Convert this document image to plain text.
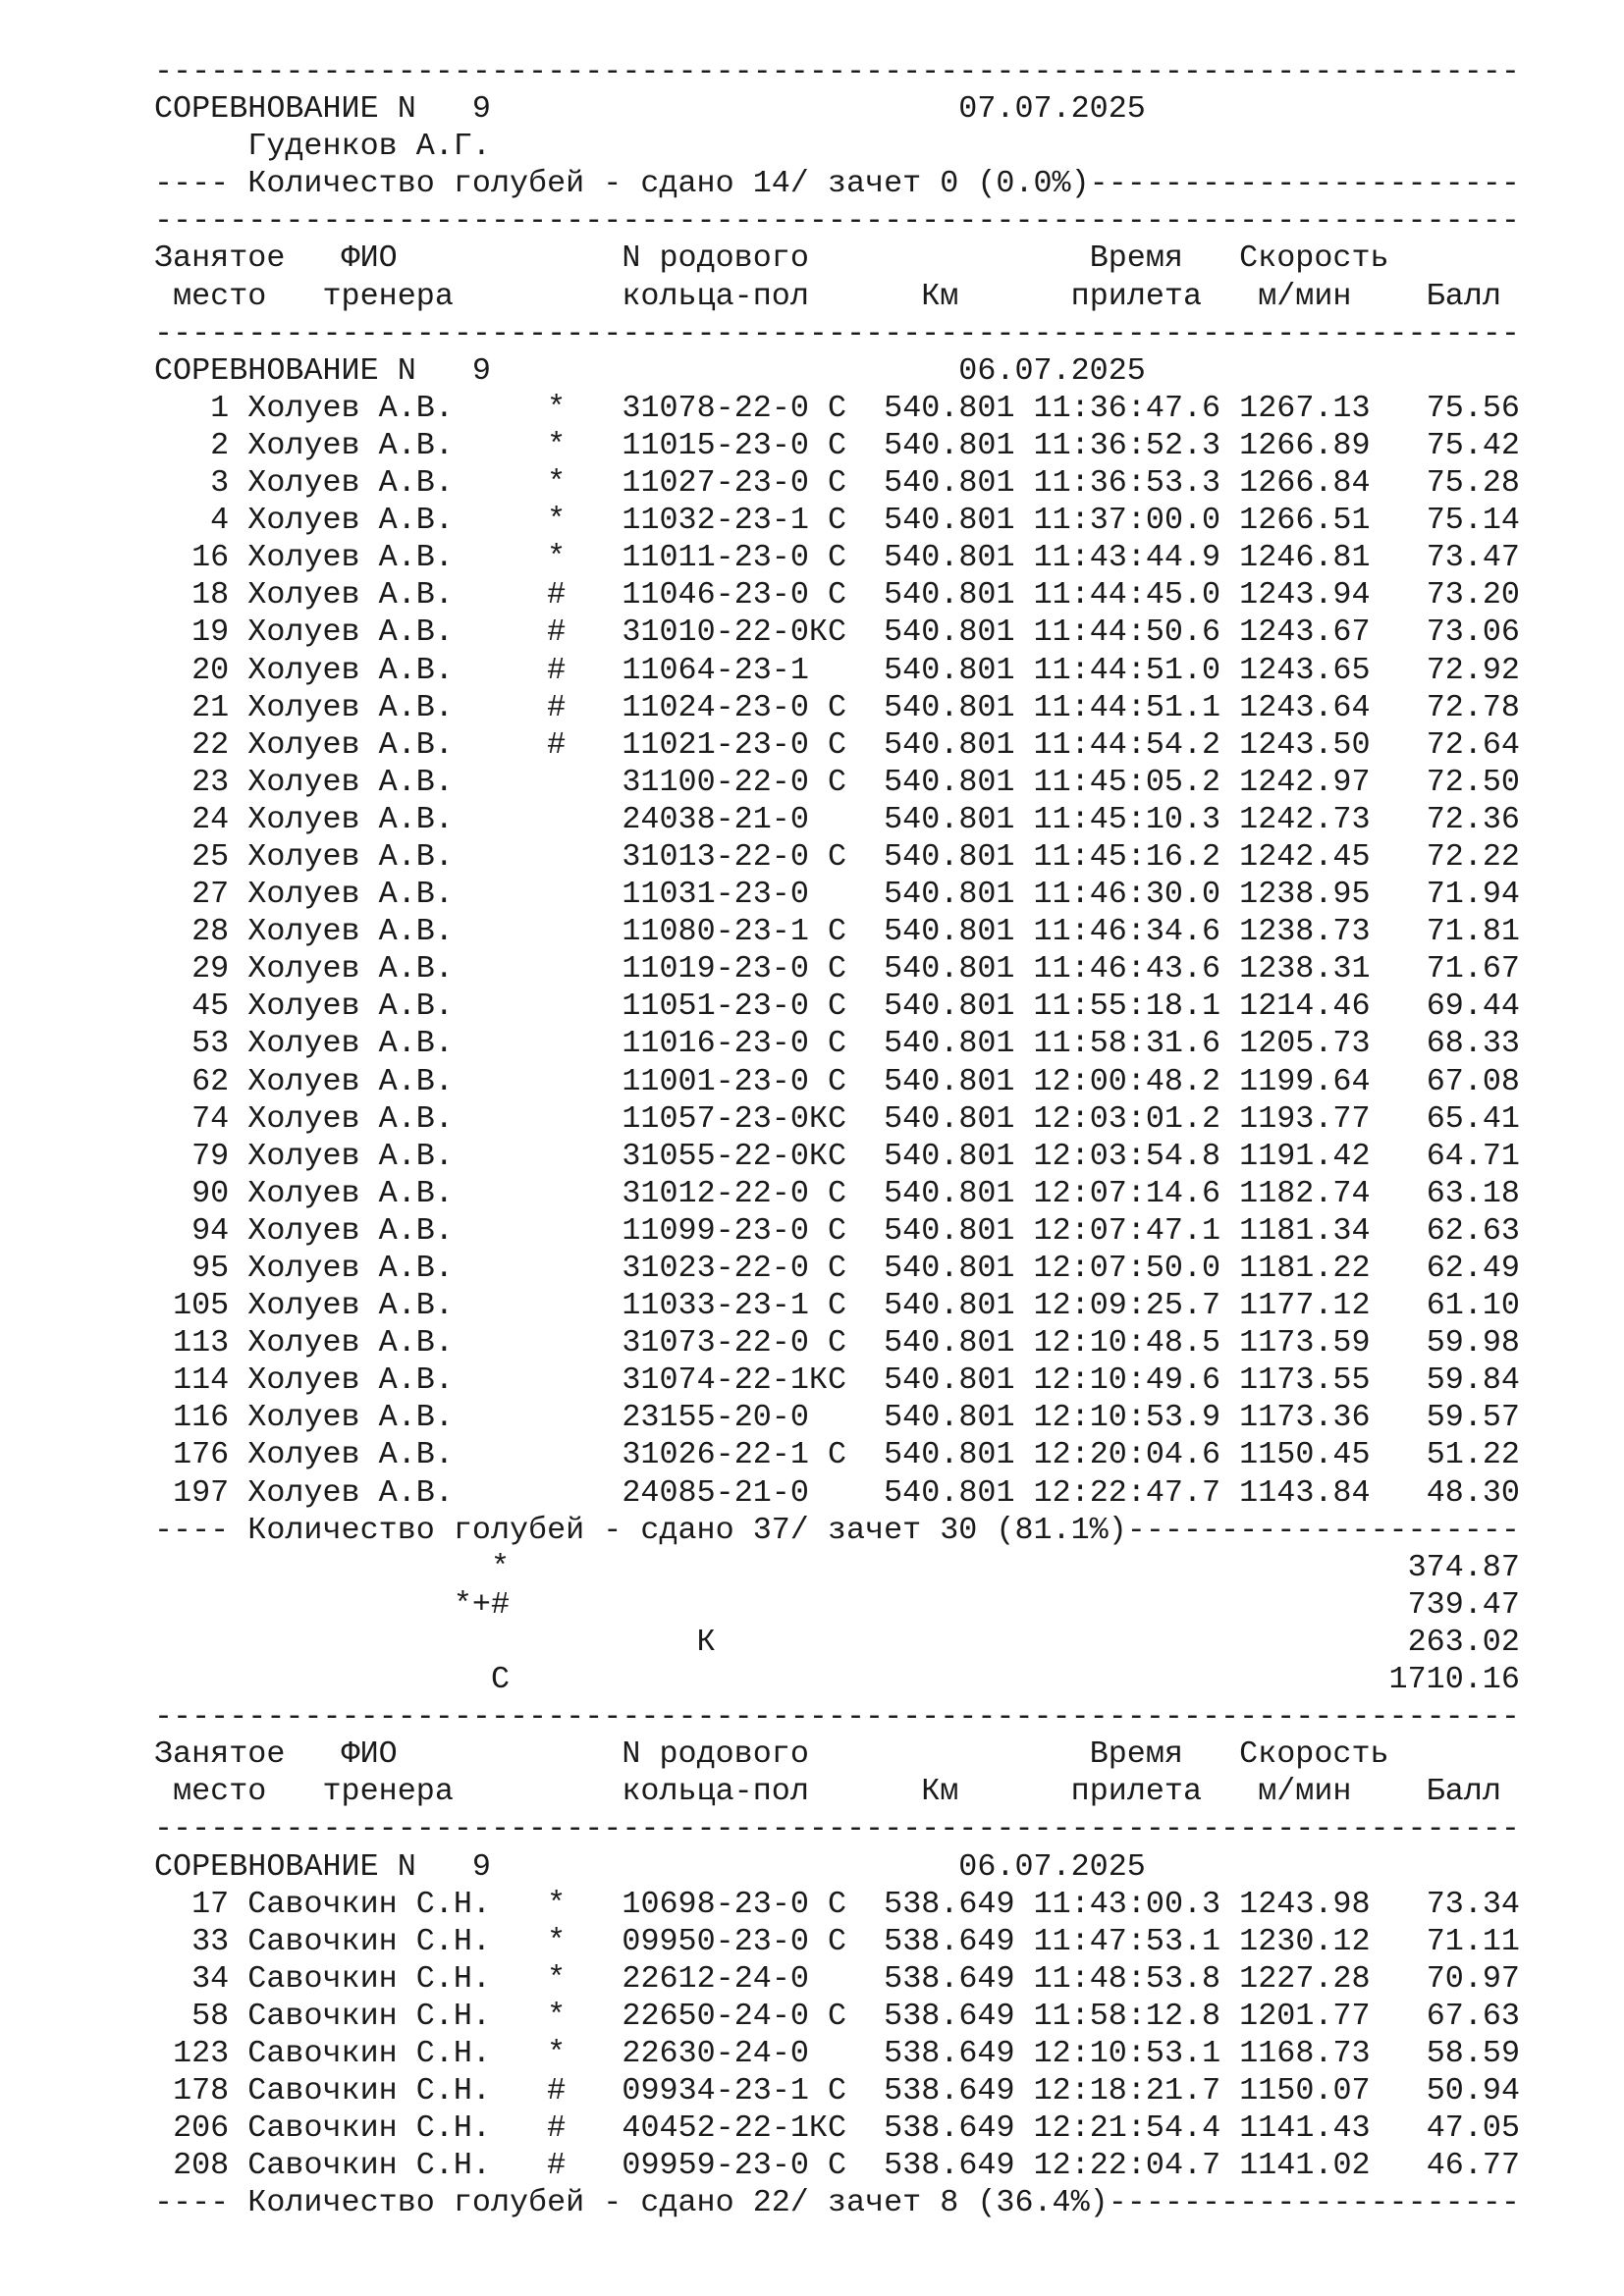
-------------------------------------------------------------------------
СОРЕВНОВАНИЕ N   9	07.07.2025
Гуденков А.Г.
---- Количество голубей - сдано 14/ зачет 0 (0.0%)-----------------------
-------------------------------------------------------------------------
Занятое ФИО	N родового	Время Скорость
место тренера	кольца-пол	Км	прилета м/мин Балл
-------------------------------------------------------------------------
СОРЕВНОВАНИЕ N   9	06.07.2025
1 Холуев А.В.	* 31078-22-0 С 540.801 11:36:47.6 1267.13 75.56
2 Холуев А.В.	* 11015-23-0 С 540.801 11:36:52.3 1266.89 75.42
3 Холуев А.В.	* 11027-23-0 С 540.801 11:36:53.3 1266.84 75.28
4 Холуев А.В.	* 11032-23-1 С 540.801 11:37:00.0 1266.51 75.14
16 Холуев А.В.	* 11011-23-0 С 540.801 11:43:44.9 1246.81 73.47
18 Холуев А.В.	# 11046-23-0 С 540.801 11:44:45.0 1243.94 73.20
19 Холуев А.В.	# 31010-22-0КС 540.801 11:44:50.6 1243.67 73.06
20 Холуев А.В.	# 11064-23-1 540.801 11:44:51.0 1243.65 72.92
21 Холуев А.В.	# 11024-23-0 С 540.801 11:44:51.1 1243.64 72.78
22 Холуев А.В.	# 11021-23-0 С 540.801 11:44:54.2 1243.50 72.64
23 Холуев А.В.	31100-22-0 С 540.801 11:45:05.2 1242.97 72.50
24 Холуев А.В.	24038-21-0 540.801 11:45:10.3 1242.73 72.36
25 Холуев А.В.	31013-22-0 С 540.801 11:45:16.2 1242.45 72.22
27 Холуев А.В.	11031-23-0 540.801 11:46:30.0 1238.95 71.94
28 Холуев А.В.	11080-23-1 С 540.801 11:46:34.6 1238.73 71.81
29 Холуев А.В.	11019-23-0 С 540.801 11:46:43.6 1238.31 71.67
45 Холуев А.В.	11051-23-0 С 540.801 11:55:18.1 1214.46 69.44
53 Холуев А.В.	11016-23-0 С 540.801 11:58:31.6 1205.73 68.33
62 Холуев А.В.	11001-23-0 С 540.801 12:00:48.2 1199.64 67.08
74 Холуев А.В.	11057-23-0КС 540.801 12:03:01.2 1193.77 65.41
79 Холуев А.В.	31055-22-0КС 540.801 12:03:54.8 1191.42 64.71
90 Холуев А.В.	31012-22-0 С 540.801 12:07:14.6 1182.74 63.18
94 Холуев А.В.	11099-23-0 С 540.801 12:07:47.1 1181.34 62.63
95 Холуев А.В.	31023-22-0 С 540.801 12:07:50.0 1181.22 62.49
105 Холуев А.В.	11033-23-1 С 540.801 12:09:25.7 1177.12 61.10
113 Холуев А.В.	31073-22-0 С 540.801 12:10:48.5 1173.59 59.98
114 Холуев А.В.	31074-22-1КС 540.801 12:10:49.6 1173.55 59.84
116 Холуев А.В.	23155-20-0 540.801 12:10:53.9 1173.36 59.57
176 Холуев А.В.	31026-22-1 С 540.801 12:20:04.6 1150.45 51.22
197 Холуев А.В.	24085-21-0 540.801 12:22:47.7 1143.84 48.30
---- Количество голубей - сдано 37/ зачет 30 (81.1%)---------------------
*	374.87
*+#	739.47
К	263.02
С	1710.16
-------------------------------------------------------------------------
Занятое ФИО	N родового	Время Скорость
место тренера	кольца-пол	Км	прилета м/мин Балл
-------------------------------------------------------------------------
СОРЕВНОВАНИЕ N   9	06.07.2025
17 Савочкин С.Н. * 10698-23-0 С 538.649 11:43:00.3 1243.98 73.34
33 Савочкин С.Н. * 09950-23-0 С 538.649 11:47:53.1 1230.12 71.11
34 Савочкин С.Н. * 22612-24-0 538.649 11:48:53.8 1227.28 70.97
58 Савочкин С.Н. * 22650-24-0 С 538.649 11:58:12.8 1201.77 67.63
123 Савочкин С.Н. * 22630-24-0 538.649 12:10:53.1 1168.73 58.59
178 Савочкин С.Н. # 09934-23-1 С 538.649 12:18:21.7 1150.07 50.94
206 Савочкин С.Н. # 40452-22-1КС 538.649 12:21:54.4 1141.43 47.05
208 Савочкин С.Н. # 09959-23-0 С 538.649 12:22:04.7 1141.02 46.77
---- Количество голубей - сдано 22/ зачет 8 (36.4%)----------------------
